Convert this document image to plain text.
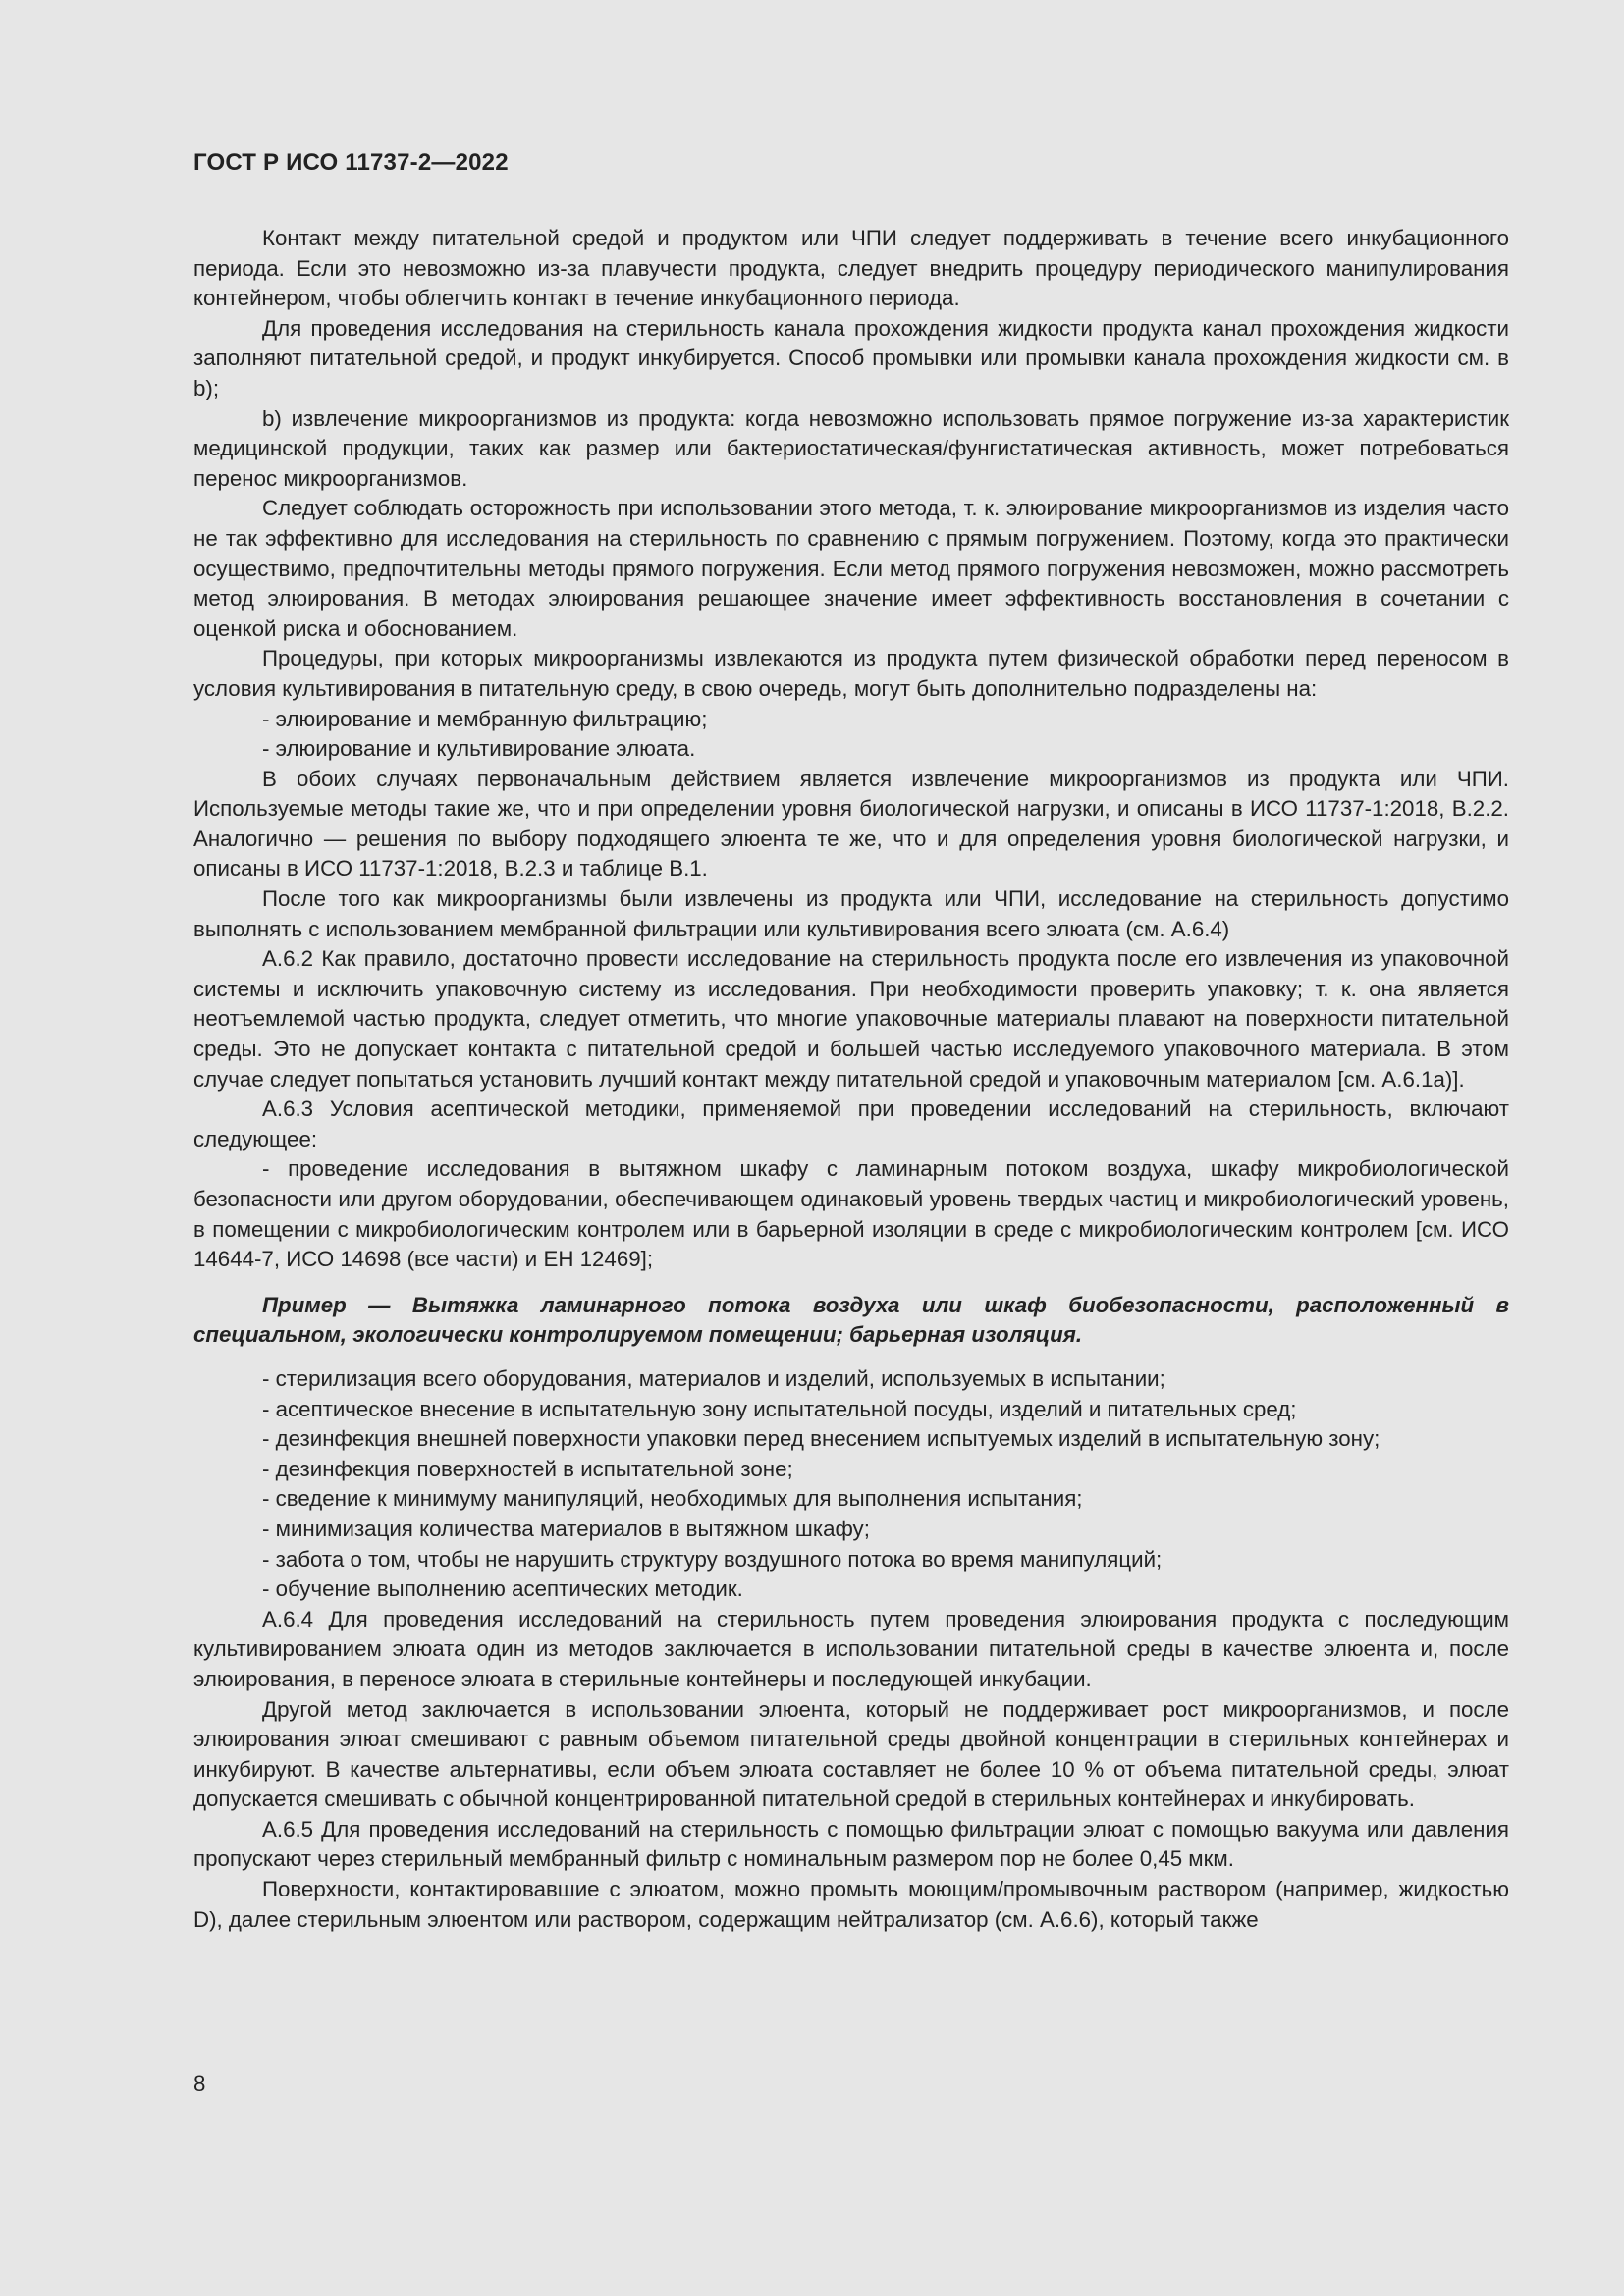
ГОСТ Р ИСО 11737-2—2022

Контакт между питательной средой и продуктом или ЧПИ следует поддерживать в течение всего инкубационного периода. Если это невозможно из-за плавучести продукта, следует внедрить процедуру периодического манипулирования контейнером, чтобы облегчить контакт в течение инкубационного периода.

Для проведения исследования на стерильность канала прохождения жидкости продукта канал прохождения жидкости заполняют питательной средой, и продукт инкубируется. Способ промывки или промывки канала прохождения жидкости см. в b);

b) извлечение микроорганизмов из продукта: когда невозможно использовать прямое погружение из-за характеристик медицинской продукции, таких как размер или бактериостатическая/фунгистатическая активность, может потребоваться перенос микроорганизмов.

Следует соблюдать осторожность при использовании этого метода, т. к. элюирование микроорганизмов из изделия часто не так эффективно для исследования на стерильность по сравнению с прямым погружением. Поэтому, когда это практически осуществимо, предпочтительны методы прямого погружения. Если метод прямого погружения невозможен, можно рассмотреть метод элюирования. В методах элюирования решающее значение имеет эффективность восстановления в сочетании с оценкой риска и обоснованием.

Процедуры, при которых микроорганизмы извлекаются из продукта путем физической обработки перед переносом в условия культивирования в питательную среду, в свою очередь, могут быть дополнительно подразделены на:

- элюирование и мембранную фильтрацию;

- элюирование и культивирование элюата.

В обоих случаях первоначальным действием является извлечение микроорганизмов из продукта или ЧПИ. Используемые методы такие же, что и при определении уровня биологической нагрузки, и описаны в ИСО 11737-1:2018, B.2.2. Аналогично — решения по выбору подходящего элюента те же, что и для определения уровня биологической нагрузки, и описаны в ИСО 11737-1:2018, B.2.3 и таблице B.1.

После того как микроорганизмы были извлечены из продукта или ЧПИ, исследование на стерильность допустимо выполнять с использованием мембранной фильтрации или культивирования всего элюата (см. A.6.4)

A.6.2 Как правило, достаточно провести исследование на стерильность продукта после его извлечения из упаковочной системы и исключить упаковочную систему из исследования. При необходимости проверить упаковку; т. к. она является неотъемлемой частью продукта, следует отметить, что многие упаковочные материалы плавают на поверхности питательной среды. Это не допускает контакта с питательной средой и большей частью исследуемого упаковочного материала. В этом случае следует попытаться установить лучший контакт между питательной средой и упаковочным материалом [см. A.6.1a)].

A.6.3 Условия асептической методики, применяемой при проведении исследований на стерильность, включают следующее:

- проведение исследования в вытяжном шкафу с ламинарным потоком воздуха, шкафу микробиологической безопасности или другом оборудовании, обеспечивающем одинаковый уровень твердых частиц и микробиологический уровень, в помещении с микробиологическим контролем или в барьерной изоляции в среде с микробиологическим контролем [см. ИСО 14644-7, ИСО 14698 (все части) и ЕН 12469];

Пример — Вытяжка ламинарного потока воздуха или шкаф биобезопасности, расположенный в специальном, экологически контролируемом помещении; барьерная изоляция.

- стерилизация всего оборудования, материалов и изделий, используемых в испытании;

- асептическое внесение в испытательную зону испытательной посуды, изделий и питательных сред;

- дезинфекция внешней поверхности упаковки перед внесением испытуемых изделий в испытательную зону;

- дезинфекция поверхностей в испытательной зоне;

- сведение к минимуму манипуляций, необходимых для выполнения испытания;

- минимизация количества материалов в вытяжном шкафу;

- забота о том, чтобы не нарушить структуру воздушного потока во время манипуляций;

- обучение выполнению асептических методик.

A.6.4 Для проведения исследований на стерильность путем проведения элюирования продукта с последующим культивированием элюата один из методов заключается в использовании питательной среды в качестве элюента и, после элюирования, в переносе элюата в стерильные контейнеры и последующей инкубации.

Другой метод заключается в использовании элюента, который не поддерживает рост микроорганизмов, и после элюирования элюат смешивают с равным объемом питательной среды двойной концентрации в стерильных контейнерах и инкубируют. В качестве альтернативы, если объем элюата составляет не более 10 % от объема питательной среды, элюат допускается смешивать с обычной концентрированной питательной средой в стерильных контейнерах и инкубировать.

A.6.5 Для проведения исследований на стерильность с помощью фильтрации элюат с помощью вакуума или давления пропускают через стерильный мембранный фильтр с номинальным размером пор не более 0,45 мкм.

Поверхности, контактировавшие с элюатом, можно промыть моющим/промывочным раствором (например, жидкостью D), далее стерильным элюентом или раствором, содержащим нейтрализатор (см. A.6.6), который также

8
